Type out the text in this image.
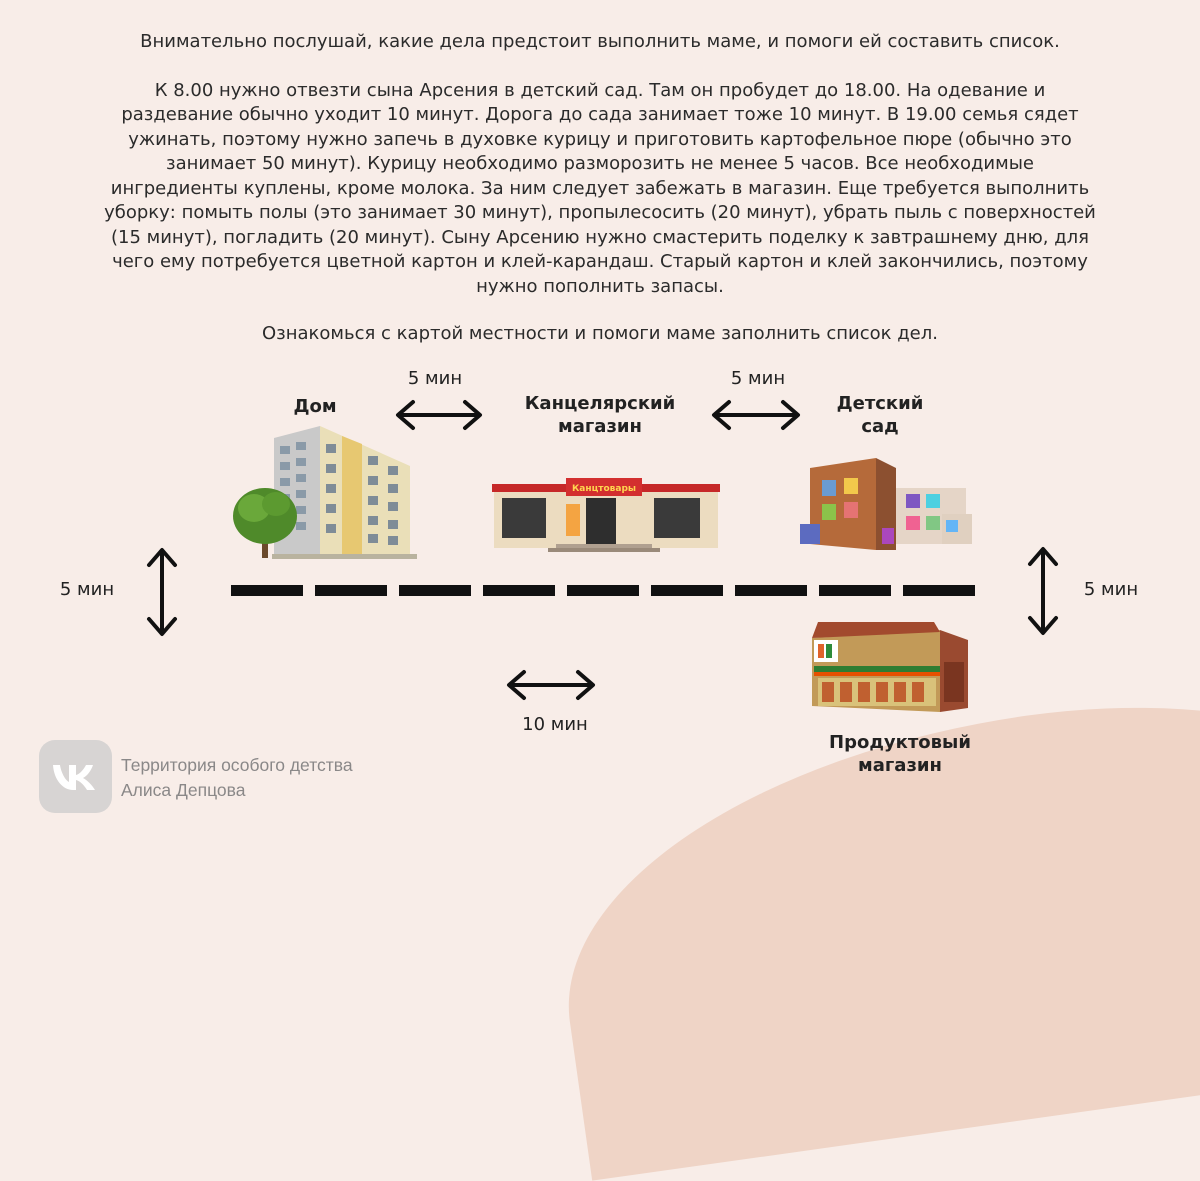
Внимательно послушай, какие дела предстоит выполнить маме, и помоги ей составить список.

К 8.00 нужно отвезти сына Арсения в детский сад. Там он пробудет до 18.00. На одевание и

раздевание обычно уходит 10 минут. Дорога до сада занимает тоже 10 минут. В 19.00 семья сядет

ужинать, поэтому нужно запечь в духовке курицу и приготовить картофельное пюре (обычно это

занимает 50 минут). Курицу необходимо разморозить не менее 5 часов. Все необходимые

ингредиенты куплены, кроме молока. За ним следует забежать в магазин. Еще требуется выполнить

уборку: помыть полы (это занимает 30 минут), пропылесосить (20 минут), убрать пыль с поверхностей

(15 минут), погладить (20 минут). Сыну Арсению нужно смастерить поделку к завтрашнему дню, для

чего ему потребуется цветной картон и клей-карандаш. Старый картон и клей закончились, поэтому

нужно пополнить запасы.

Ознакомься с картой местности и помоги маме заполнить список дел.

Дом	Канцелярский
магазин
Детский
сад
Продуктовый
магазин
5 мин	5 мин
5 мин	5 мин
10 мин
Канцтовары
Территория особого детства
Алиса Депцова
